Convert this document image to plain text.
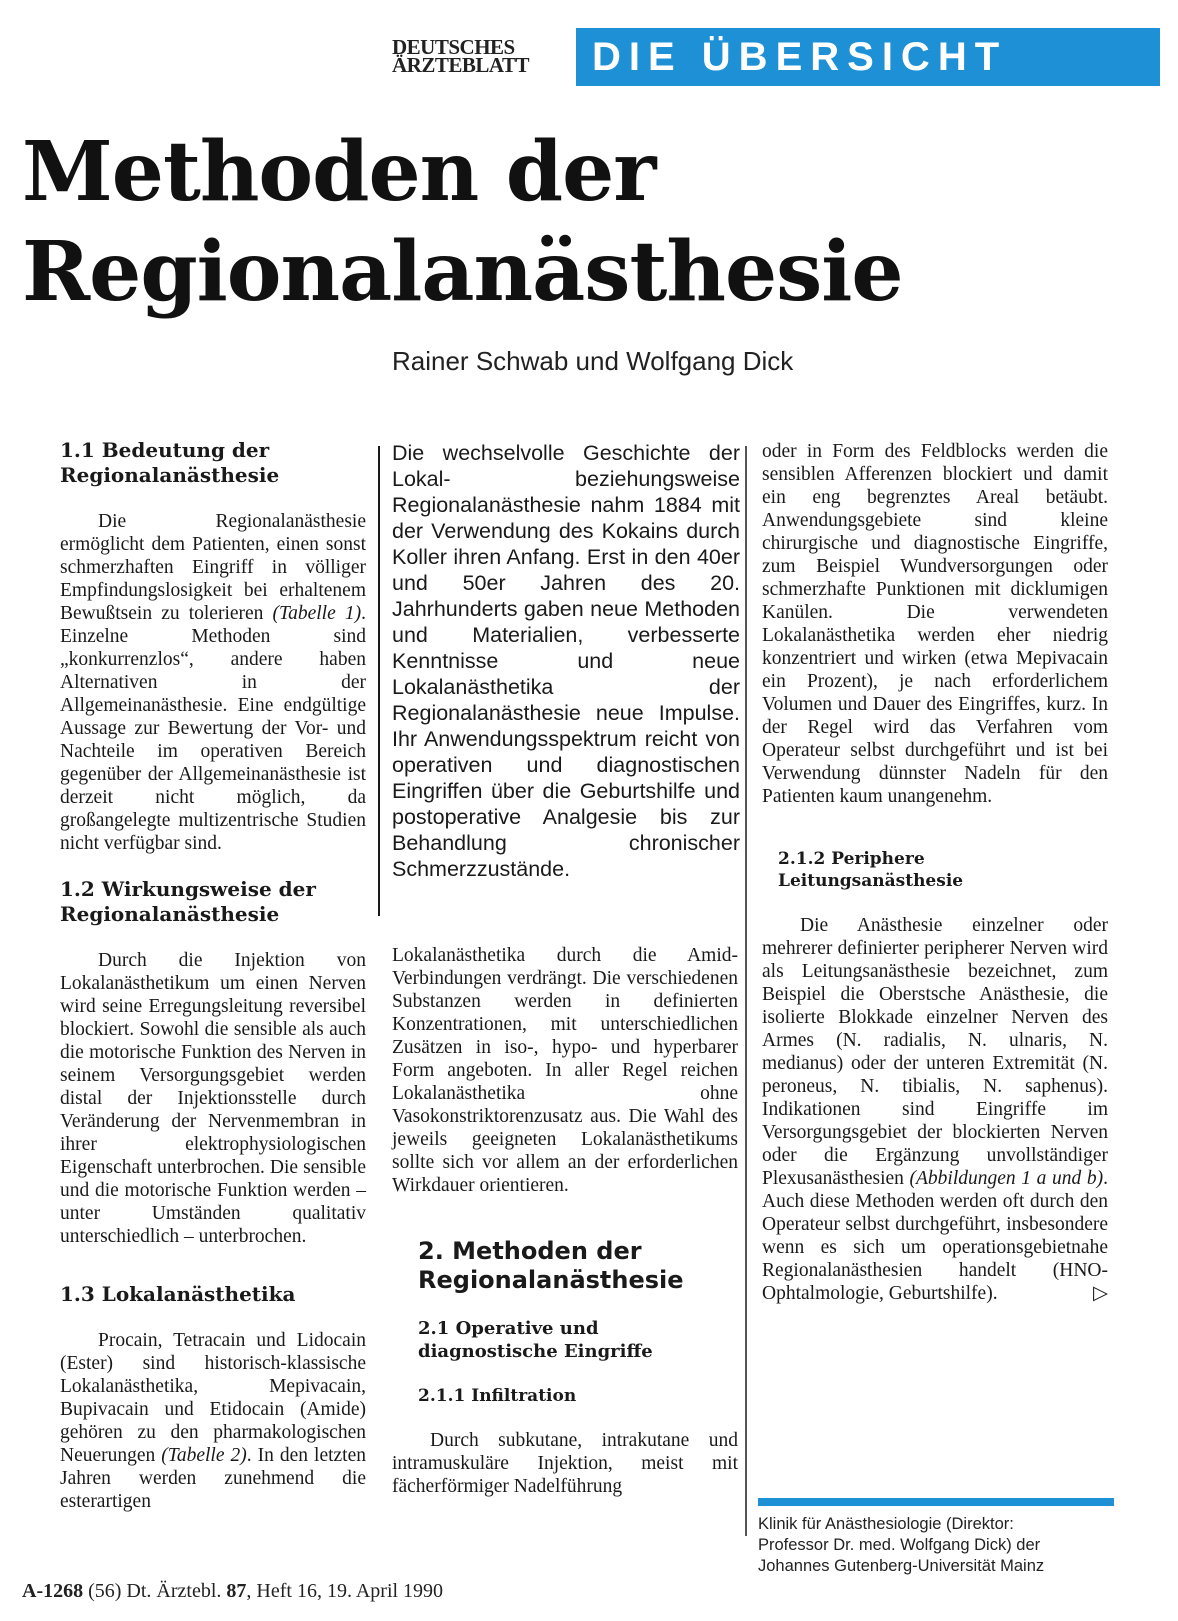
DEUTSCHES
ÄRZTEBLATT	DIE ÜBERSICHT
Methoden der
Regionalanästhesie
Rainer Schwab und Wolfgang Dick
1.1 Bedeutung der
Regionalanästhesie

Die Regionalanästhesie ermöglicht dem Patienten, einen sonst schmerzhaften Eingriff in völliger Empfindungslosigkeit bei erhaltenem Bewußtsein zu tolerieren (Tabelle 1). Einzelne Methoden sind „konkurrenzlos“, andere haben Alternativen in der Allgemeinanästhesie. Eine endgültige Aussage zur Bewertung der Vor- und Nachteile im operativen Bereich gegenüber der Allgemeinanästhesie ist derzeit nicht möglich, da großangelegte multizentrische Studien nicht verfügbar sind.

1.2 Wirkungsweise der
Regionalanästhesie

Durch die Injektion von Lokalanästhetikum um einen Nerven wird seine Erregungsleitung reversibel blockiert. Sowohl die sensible als auch die motorische Funktion des Nerven in seinem Versorgungsgebiet werden distal der Injektionsstelle durch Veränderung der Nervenmembran in ihrer elektrophysiologischen Eigenschaft unterbrochen. Die sensible und die motorische Funktion werden – unter Umständen qualitativ unterschiedlich – unterbrochen.

1.3 Lokalanästhetika

Procain, Tetracain und Lidocain (Ester) sind historisch-klassische Lokalanästhetika, Mepivacain, Bupivacain und Etidocain (Amide) gehören zu den pharmakologischen Neuerungen (Tabelle 2). In den letzten Jahren werden zunehmend die esterartigen

Die wechselvolle Geschichte der Lokal- beziehungsweise Regionalanästhesie nahm 1884 mit der Verwendung des Kokains durch Koller ihren Anfang. Erst in den 40er und 50er Jahren des 20. Jahrhunderts gaben neue Methoden und Materialien, verbesserte Kenntnisse und neue Lokalanästhetika der Regionalanästhesie neue Impulse. Ihr Anwendungsspektrum reicht von operativen und diagnostischen Eingriffen über die Geburtshilfe und postoperative Analgesie bis zur Behandlung chronischer Schmerzzustände.

Lokalanästhetika durch die Amid-Verbindungen verdrängt. Die verschiedenen Substanzen werden in definierten Konzentrationen, mit unterschiedlichen Zusätzen in iso-, hypo- und hyperbarer Form angeboten. In aller Regel reichen Lokalanästhetika ohne Vasokonstriktorenzusatz aus. Die Wahl des jeweils geeigneten Lokalanästhetikums sollte sich vor allem an der erforderlichen Wirkdauer orientieren.

2. Methoden der
Regionalanästhesie
2.1 Operative und
diagnostische Eingriffe
2.1.1 Infiltration

Durch subkutane, intrakutane und intramuskuläre Injektion, meist mit fächerförmiger Nadelführung

oder in Form des Feldblocks werden die sensiblen Afferenzen blockiert und damit ein eng begrenztes Areal betäubt. Anwendungsgebiete sind kleine chirurgische und diagnostische Eingriffe, zum Beispiel Wundversorgungen oder schmerzhafte Punktionen mit dicklumigen Kanülen. Die verwendeten Lokalanästhetika werden eher niedrig konzentriert und wirken (etwa Mepivacain ein Prozent), je nach erforderlichem Volumen und Dauer des Eingriffes, kurz. In der Regel wird das Verfahren vom Operateur selbst durchgeführt und ist bei Verwendung dünnster Nadeln für den Patienten kaum unangenehm.

2.1.2 Periphere
Leitungsanästhesie

Die Anästhesie einzelner oder mehrerer definierter peripherer Nerven wird als Leitungsanästhesie bezeichnet, zum Beispiel die Oberstsche Anästhesie, die isolierte Blokkade einzelner Nerven des Armes (N. radialis, N. ulnaris, N. medianus) oder der unteren Extremität (N. peroneus, N. tibialis, N. saphenus). Indikationen sind Eingriffe im Versorgungsgebiet der blockierten Nerven oder die Ergänzung unvollständiger Plexusanästhesien (Abbildungen 1 a und b). Auch diese Methoden werden oft durch den Operateur selbst durchgeführt, insbesondere wenn es sich um operationsgebietnahe Regionalanästhesien handelt (HNO-Ophtalmologie, Geburtshilfe).	▷

Klinik für Anästhesiologie (Direktor:
Professor Dr. med. Wolfgang Dick) der
Johannes Gutenberg-Universität Mainz
A-1268 (56) Dt. Ärztebl. 87, Heft 16, 19. April 1990
